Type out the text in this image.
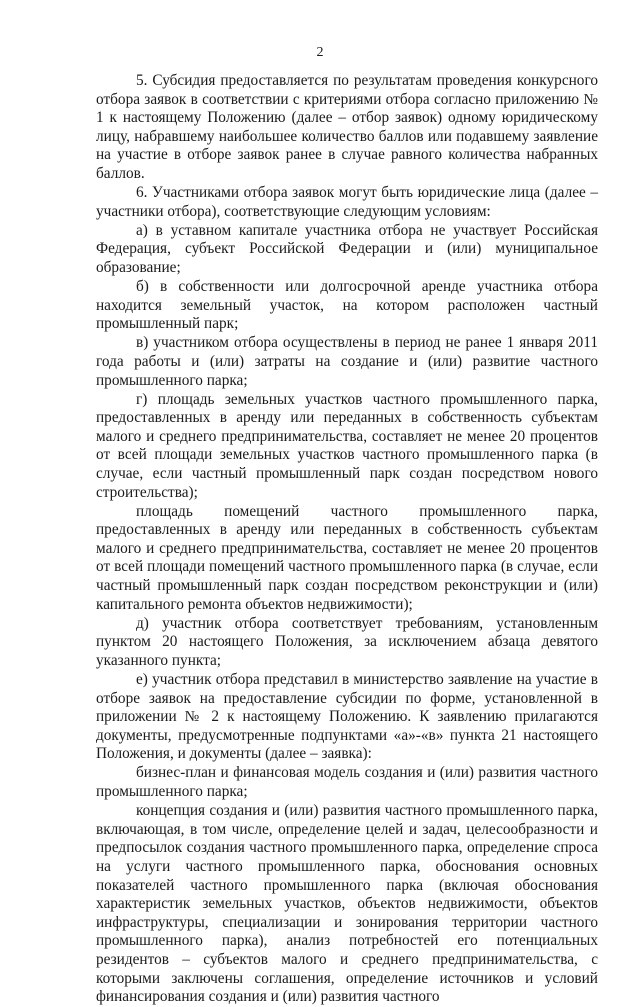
2

5. Субсидия предоставляется по результатам проведения конкурсного отбора заявок в соответствии с критериями отбора согласно приложению № 1 к настоящему Положению (далее – отбор заявок) одному юридическому лицу, набравшему наибольшее количество баллов или подавшему заявление на участие в отборе заявок ранее в случае равного количества набранных баллов.

6. Участниками отбора заявок могут быть юридические лица (далее – участники отбора), соответствующие следующим условиям:

а) в уставном капитале участника отбора не участвует Российская Федерация, субъект Российской Федерации и (или) муниципальное образование;

б) в собственности или долгосрочной аренде участника отбора находится земельный участок, на котором расположен частный промышленный парк;

в) участником отбора осуществлены в период не ранее 1 января 2011 года работы и (или) затраты на создание и (или) развитие частного промышленного парка;

г) площадь земельных участков частного промышленного парка, предоставленных в аренду или переданных в собственность субъектам малого и среднего предпринимательства, составляет не менее 20 процентов от всей площади земельных участков частного промышленного парка (в случае, если частный промышленный парк создан посредством нового строительства);

площадь помещений частного промышленного парка, предоставленных в аренду или переданных в собственность субъектам малого и среднего предпринимательства, составляет не менее 20 процентов от всей площади помещений частного промышленного парка (в случае, если частный промышленный парк создан посредством реконструкции и (или) капитального ремонта объектов недвижимости);

д) участник отбора соответствует требованиям, установленным пунктом 20 настоящего Положения, за исключением абзаца девятого указанного пункта;

е) участник отбора представил в министерство заявление на участие в отборе заявок на предоставление субсидии по форме, установленной в приложении № 2 к настоящему Положению. К заявлению прилагаются документы, предусмотренные подпунктами «а»-«в» пункта 21 настоящего Положения, и документы (далее – заявка):

бизнес-план и финансовая модель создания и (или) развития частного промышленного парка;

концепция создания и (или) развития частного промышленного парка, включающая, в том числе, определение целей и задач, целесообразности и предпосылок создания частного промышленного парка, определение спроса на услуги частного промышленного парка, обоснования основных показателей частного промышленного парка (включая обоснования характеристик земельных участков, объектов недвижимости, объектов инфраструктуры, специализации и зонирования территории частного промышленного парка), анализ потребностей его потенциальных резидентов – субъектов малого и среднего предпринимательства, с которыми заключены соглашения, определение источников и условий финансирования создания и (или) развития частного
